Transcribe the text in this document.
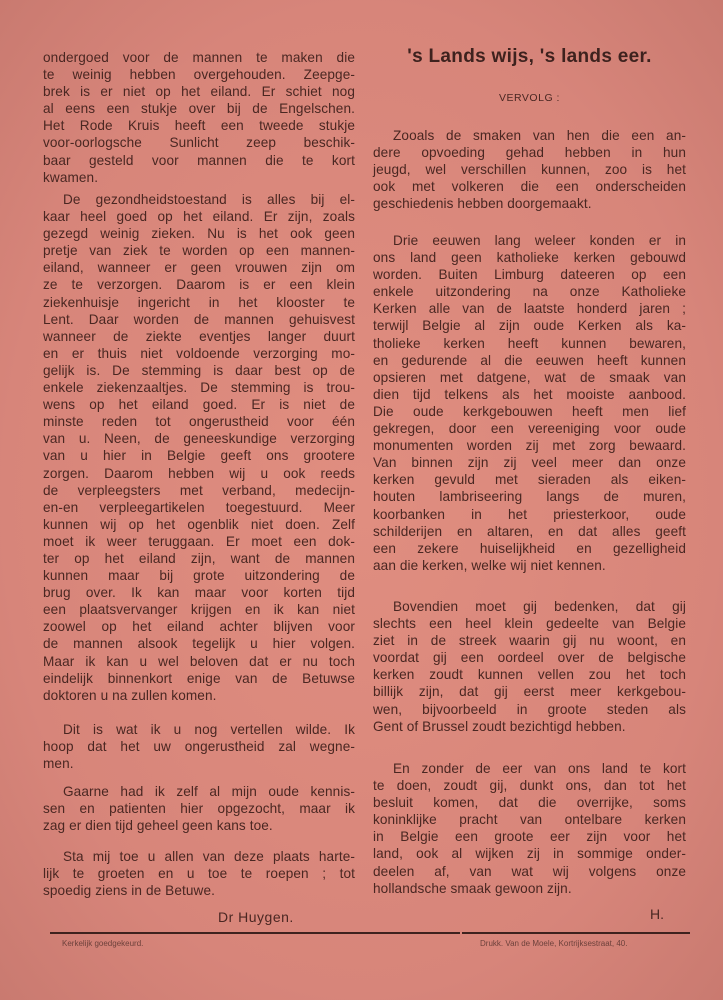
ondergoed voor de mannen te maken die
te weinig hebben overgehouden. Zeepge-
brek is er niet op het eiland. Er schiet nog
al eens een stukje over bij de Engelschen.
Het Rode Kruis heeft een tweede stukje
voor-oorlogsche Sunlicht zeep beschik-
baar gesteld voor mannen die te kort
kwamen.
De gezondheidstoestand is alles bij el-
kaar heel goed op het eiland. Er zijn, zoals
gezegd weinig zieken. Nu is het ook geen
pretje van ziek te worden op een mannen-
eiland, wanneer er geen vrouwen zijn om
ze te verzorgen. Daarom is er een klein
ziekenhuisje ingericht in het klooster te
Lent. Daar worden de mannen gehuisvest
wanneer de ziekte eventjes langer duurt
en er thuis niet voldoende verzorging mo-
gelijk is. De stemming is daar best op de
enkele ziekenzaaltjes. De stemming is trou-
wens op het eiland goed. Er is niet de
minste reden tot ongerustheid voor één
van u. Neen, de geneeskundige verzorging
van u hier in Belgie geeft ons grootere
zorgen. Daarom hebben wij u ook reeds
de verpleegsters met verband, medecijn-
en-en verpleegartikelen toegestuurd. Meer
kunnen wij op het ogenblik niet doen. Zelf
moet ik weer teruggaan. Er moet een dok-
ter op het eiland zijn, want de mannen
kunnen maar bij grote uitzondering de
brug over. Ik kan maar voor korten tijd
een plaatsvervanger krijgen en ik kan niet
zoowel op het eiland achter blijven voor
de mannen alsook tegelijk u hier volgen.
Maar ik kan u wel beloven dat er nu toch
eindelijk binnenkort enige van de Betuwse
doktoren u na zullen komen.
Dit is wat ik u nog vertellen wilde. Ik
hoop dat het uw ongerustheid zal wegne-
men.
Gaarne had ik zelf al mijn oude kennis-
sen en patienten hier opgezocht, maar ik
zag er dien tijd geheel geen kans toe.
Sta mij toe u allen van deze plaats harte-
lijk te groeten en u toe te roepen ; tot
spoedig ziens in de Betuwe.
's Lands wijs, 's lands eer.
VERVOLG :
Zooals de smaken van hen die een an-
dere opvoeding gehad hebben in hun
jeugd, wel verschillen kunnen, zoo is het
ook met volkeren die een onderscheiden
geschiedenis hebben doorgemaakt.
Drie eeuwen lang weleer konden er in
ons land geen katholieke kerken gebouwd
worden. Buiten Limburg dateeren op een
enkele uitzondering na onze Katholieke
Kerken alle van de laatste honderd jaren ;
terwijl Belgie al zijn oude Kerken als ka-
tholieke kerken heeft kunnen bewaren,
en gedurende al die eeuwen heeft kunnen
opsieren met datgene, wat de smaak van
dien tijd telkens als het mooiste aanbood.
Die oude kerkgebouwen heeft men lief
gekregen, door een vereeniging voor oude
monumenten worden zij met zorg bewaard.
Van binnen zijn zij veel meer dan onze
kerken gevuld met sieraden als eiken-
houten lambriseering langs de muren,
koorbanken in het priesterkoor, oude
schilderijen en altaren, en dat alles geeft
een zekere huiselijkheid en gezelligheid
aan die kerken, welke wij niet kennen.
Bovendien moet gij bedenken, dat gij
slechts een heel klein gedeelte van Belgie
ziet in de streek waarin gij nu woont, en
voordat gij een oordeel over de belgische
kerken zoudt kunnen vellen zou het toch
billijk zijn, dat gij eerst meer kerkgebou-
wen, bijvoorbeeld in groote steden als
Gent of Brussel zoudt bezichtigd hebben.
En zonder de eer van ons land te kort
te doen, zoudt gij, dunkt ons, dan tot het
besluit komen, dat die overrijke, soms
koninklijke pracht van ontelbare kerken
in Belgie een groote eer zijn voor het
land, ook al wijken zij in sommige onder-
deelen af, van wat wij volgens onze
hollandsche smaak gewoon zijn.
Dr Huygen.	H.
Kerkelijk goedgekeurd.	Drukk. Van de Moele, Kortrijksestraat, 40.
